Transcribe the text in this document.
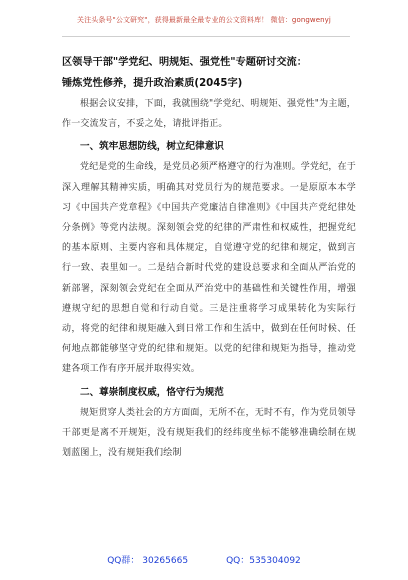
关注头条号"公文研究"，获得最新最全最专业的公文资料库！ 微信：gongwenyj

区领导干部"学党纪、明规矩、强党性"专题研讨交流：

锤炼党性修养，提升政治素质(2045字)

根据会议安排，下面，我就围绕"学党纪、明规矩、强党性"为主题，作一交流发言，不妥之处，请批评指正。

一、筑牢思想防线，树立纪律意识

党纪是党的生命线，是党员必须严格遵守的行为准则。学党纪，在于深入理解其精神实质，明确其对党员行为的规范要求。一是原原本本学习《中国共产党章程》《中国共产党廉洁自律准则》《中国共产党纪律处分条例》等党内法规。深刻领会党的纪律的严肃性和权威性，把握党纪的基本原则、主要内容和具体规定，自觉遵守党的纪律和规定，做到言行一致、表里如一。二是结合新时代党的建设总要求和全面从严治党的新部署，深刻领会党纪在全面从严治党中的基础性和关键性作用，增强遵规守纪的思想自觉和行动自觉。三是注重将学习成果转化为实际行动，将党的纪律和规矩融入到日常工作和生活中，做到在任何时候、任何地点都能够坚守党的纪律和规矩。以党的纪律和规矩为指导，推动党建各项工作有序开展并取得实效。

二、尊崇制度权威，恪守行为规范

规矩贯穿人类社会的方方面面，无所不在，无时不有，作为党员领导干部更是离不开规矩，没有规矩我们的经纬度坐标不能够准确绘制在规划蓝图上，没有规矩我们绘制

QQ群： 30265665	QQ：535304092
